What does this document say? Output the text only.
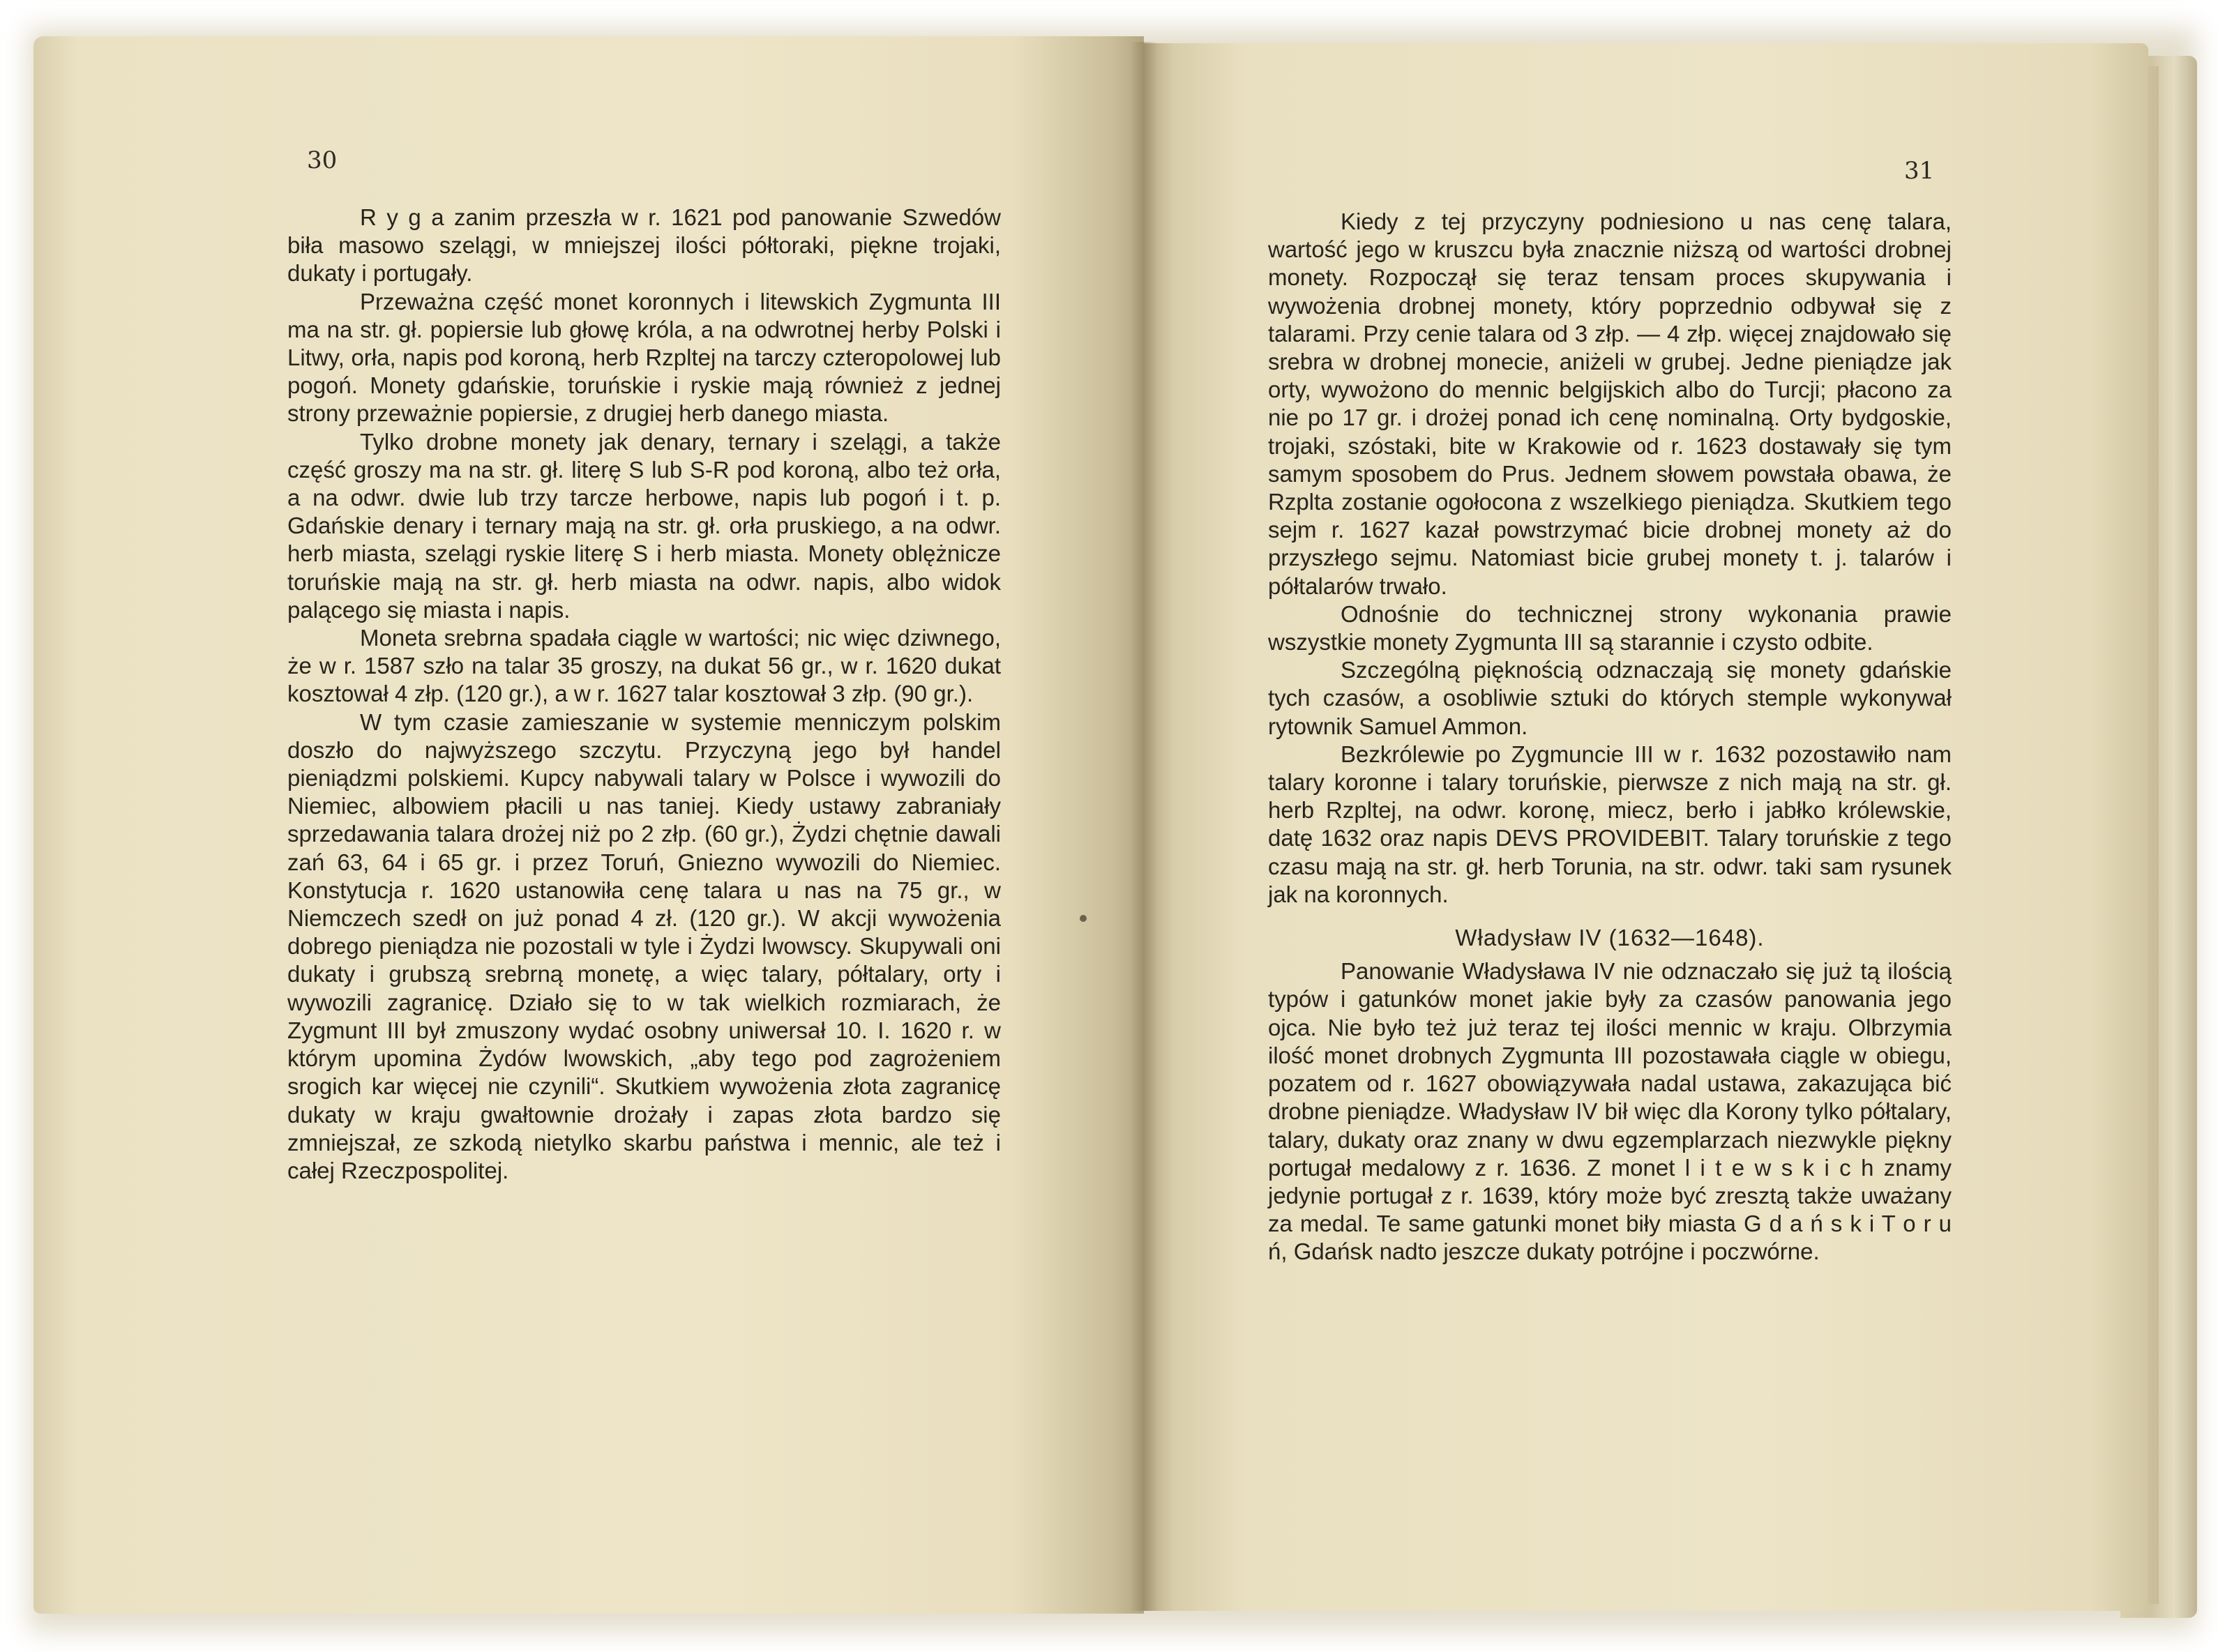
30	31

R y g a zanim przeszła w r. 1621 pod panowanie Szwedów biła masowo szelągi, w mniejszej ilości półtoraki, piękne trojaki, dukaty i portugały.

Przeważna część monet koronnych i litewskich Zygmunta III ma na str. gł. popiersie lub głowę króla, a na odwrotnej herby Polski i Litwy, orła, napis pod koroną, herb Rzpltej na tarczy czteropolowej lub pogoń. Monety gdańskie, toruńskie i ryskie mają również z jednej strony przeważnie popiersie, z drugiej herb danego miasta.

Tylko drobne monety jak denary, ternary i szelągi, a także część groszy ma na str. gł. literę S lub S-R pod koroną, albo też orła, a na odwr. dwie lub trzy tarcze herbowe, napis lub pogoń i t. p. Gdańskie denary i ternary mają na str. gł. orła pruskiego, a na odwr. herb miasta, szelągi ryskie literę S i herb miasta. Monety oblężnicze toruńskie mają na str. gł. herb miasta na odwr. napis, albo widok palącego się miasta i napis.

Moneta srebrna spadała ciągle w wartości; nic więc dziwnego, że w r. 1587 szło na talar 35 groszy, na dukat 56 gr., w r. 1620 dukat kosztował 4 złp. (120 gr.), a w r. 1627 talar kosztował 3 złp. (90 gr.).

W tym czasie zamieszanie w systemie menniczym polskim doszło do najwyższego szczytu. Przyczyną jego był handel pieniądzmi polskiemi. Kupcy nabywali talary w Polsce i wywozili do Niemiec, albowiem płacili u nas taniej. Kiedy ustawy zabraniały sprzedawania talara drożej niż po 2 złp. (60 gr.), Żydzi chętnie dawali zań 63, 64 i 65 gr. i przez Toruń, Gniezno wywozili do Niemiec. Konstytucja r. 1620 ustanowiła cenę talara u nas na 75 gr., w Niemczech szedł on już ponad 4 zł. (120 gr.). W akcji wywożenia dobrego pieniądza nie pozostali w tyle i Żydzi lwowscy. Skupywali oni dukaty i grubszą srebrną monetę, a więc talary, półtalary, orty i wywozili zagranicę. Działo się to w tak wielkich rozmiarach, że Zygmunt III był zmuszony wydać osobny uniwersał 10. I. 1620 r. w którym upomina Żydów lwowskich, „aby tego pod zagrożeniem srogich kar więcej nie czynili“. Skutkiem wywożenia złota zagranicę dukaty w kraju gwałtownie drożały i zapas złota bardzo się zmniejszał, ze szkodą nietylko skarbu państwa i mennic, ale też i całej Rzeczpospolitej.

Kiedy z tej przyczyny podniesiono u nas cenę talara, wartość jego w kruszcu była znacznie niższą od wartości drobnej monety. Rozpoczął się teraz tensam proces skupywania i wywożenia drobnej monety, który poprzednio odbywał się z talarami. Przy cenie talara od 3 złp. — 4 złp. więcej znajdowało się srebra w drobnej monecie, aniżeli w grubej. Jedne pieniądze jak orty, wywożono do mennic belgijskich albo do Turcji; płacono za nie po 17 gr. i drożej ponad ich cenę nominalną. Orty bydgoskie, trojaki, szóstaki, bite w Krakowie od r. 1623 dostawały się tym samym sposobem do Prus. Jednem słowem powstała obawa, że Rzplta zostanie ogołocona z wszelkiego pieniądza. Skutkiem tego sejm r. 1627 kazał powstrzymać bicie drobnej monety aż do przyszłego sejmu. Natomiast bicie grubej monety t. j. talarów i półtalarów trwało.

Odnośnie do technicznej strony wykonania prawie wszystkie monety Zygmunta III są starannie i czysto odbite.

Szczególną pięknością odznaczają się monety gdańskie tych czasów, a osobliwie sztuki do których stemple wykonywał rytownik Samuel Ammon.

Bezkrólewie po Zygmuncie III w r. 1632 pozostawiło nam talary koronne i talary toruńskie, pierwsze z nich mają na str. gł. herb Rzpltej, na odwr. koronę, miecz, berło i jabłko królewskie, datę 1632 oraz napis DEVS PROVIDEBIT. Talary toruńskie z tego czasu mają na str. gł. herb Torunia, na str. odwr. taki sam rysunek jak na koronnych.

Władysław IV (1632—1648).

Panowanie Władysława IV nie odznaczało się już tą ilością typów i gatunków monet jakie były za czasów panowania jego ojca. Nie było też już teraz tej ilości mennic w kraju. Olbrzymia ilość monet drobnych Zygmunta III pozostawała ciągle w obiegu, pozatem od r. 1627 obowiązywała nadal ustawa, zakazująca bić drobne pieniądze. Władysław IV bił więc dla Korony tylko półtalary, talary, dukaty oraz znany w dwu egzemplarzach niezwykle piękny portugał medalowy z r. 1636. Z monet l i t e w s k i c h znamy jedynie portugał z r. 1639, który może być zresztą także uważany za medal. Te same gatunki monet biły miasta G d a ń s k i T o r u ń, Gdańsk nadto jeszcze dukaty potrójne i poczwórne.
